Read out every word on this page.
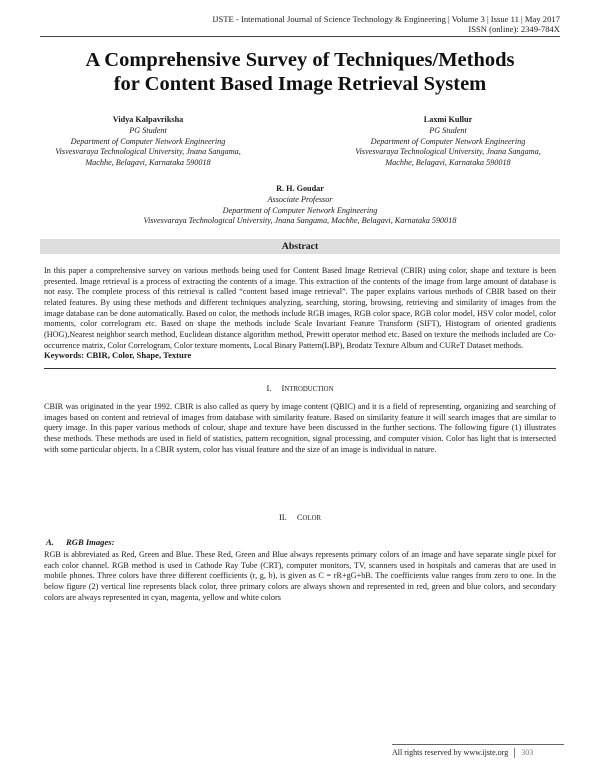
IJSTE - International Journal of Science Technology & Engineering | Volume 3 | Issue 11 | May 2017
ISSN (online): 2349-784X
A Comprehensive Survey of Techniques/Methods
for Content Based Image Retrieval System
Vidya Kalpavriksha
PG Student
Department of Computer Network Engineering
Visvesvaraya Technological University, Jnana Sangama,
Machhe, Belagavi, Karnataka 590018
Laxmi Kullur
PG Student
Department of Computer Network Engineering
Visvesvaraya Technological University, Jnana Sangama,
Machhe, Belagavi, Karnataka 590018
R. H. Goudar
Associate Professor
Department of Computer Network Engineering
Visvesvaraya Technological University, Jnana Sangama, Machhe, Belagavi, Karnataka 590018
Abstract
In this paper a comprehensive survey on various methods being used for Content Based Image Retrieval (CBIR) using color, shape and texture is been presented. Image retrieval is a process of extracting the contents of a image. This extraction of the contents of the image from large amount of database is not easy. The complete process of this retrieval is called “content based image retrieval”. The paper explains various methods of CBIR based on their related features. By using these methods and different techniques analyzing, searching, storing, browsing, retrieving and similarity of images from the image database can be done automatically. Based on color, the methods include RGB images, RGB color space, RGB color model, HSV color model, color moments, color correlogram etc. Based on shape the methods include Scale Invariant Feature Transform (SIFT), Histogram of oriented gradients (HOG),Nearest neighbor search method, Euclidean distance algorithm method, Prewitt operator method etc. Based on texture the methods included are Co-occurrence matrix, Color Correlogram, Color texture moments, Local Binary Pattern(LBP), Brodatz Texture Album and CUReT Dataset methods.
Keywords: CBIR, Color, Shape, Texture
I. INTRODUCTION
CBIR was originated in the year 1992. CBIR is also called as query by image content (QBIC) and it is a field of representing, organizing and searching of images based on content and retrieval of images from database with similarity feature. Based on similarity feature it will search images that are similar to query image. In this paper various methods of colour, shape and texture have been discussed in the further sections. The following figure (1) illustrates these methods. These methods are used in field of statistics, pattern recognition, signal processing, and computer vision. Color has light that is intersected with some particular objects. In a CBIR system, color has visual feature and the size of an image is individual in nature.
II. COLOR
A. RGB Images:
RGB is abbreviated as Red, Green and Blue. These Red, Green and Blue always represents primary colors of an image and have separate single pixel for each color channel. RGB method is used in Cathode Ray Tube (CRT), computer monitors, TV, scanners used in hospitals and cameras that are used in mobile phones. Three colors have three different coefficients (r, g, b), is given as C = rR+gG+bB. The coefficients value ranges from zero to one. In the below figure (2) vertical line represents black color, three primary colors are always shown and represented in red, green and blue colors, and secondary colors are always represented in cyan, magenta, yellow and white colors
All rights reserved by www.ijste.org 303
